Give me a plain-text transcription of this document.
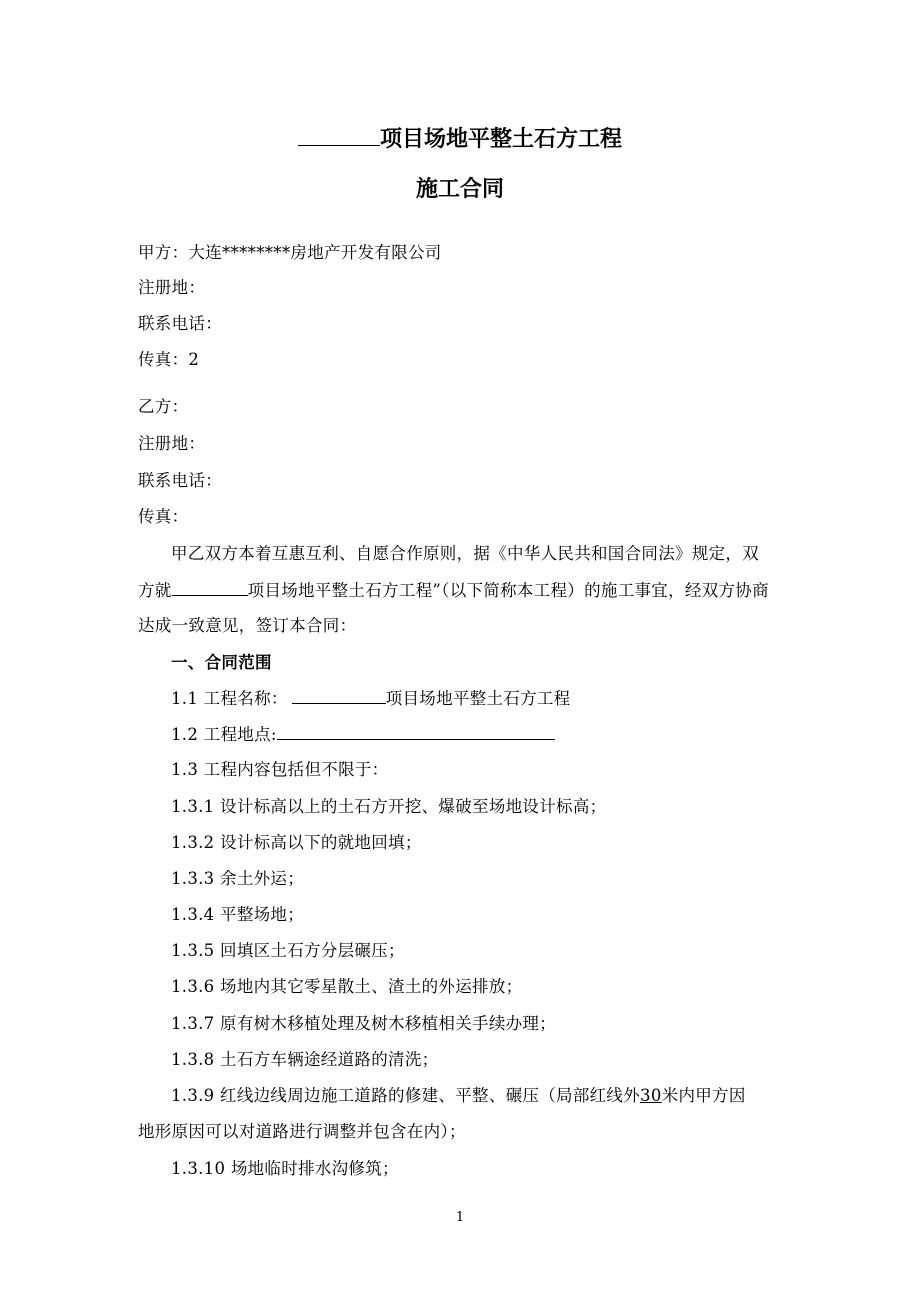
项目场地平整土石方工程
施工合同
甲方：大连********房地产开发有限公司
注册地：
联系电话：
传真：2
乙方：
注册地：
联系电话：
传真：
甲乙双方本着互惠互利、自愿合作原则，据《中华人民共和国合同法》规定，双
方就	项目场地平整土石方工程”（以下简称本工程）的施工事宜，经双方协商
达成一致意见，签订本合同：
一、合同范围
1.1 工程名称：	项目场地平整土石方工程
1.2 工程地点:
1.3 工程内容包括但不限于：
1.3.1 设计标高以上的土石方开挖、爆破至场地设计标高；
1.3.2 设计标高以下的就地回填；
1.3.3 余土外运；
1.3.4 平整场地；
1.3.5 回填区土石方分层碾压；
1.3.6 场地内其它零星散土、渣土的外运排放；
1.3.7 原有树木移植处理及树木移植相关手续办理；
1.3.8 土石方车辆途经道路的清洗；
1.3.9 红线边线周边施工道路的修建、平整、碾压（局部红线外30米内甲方因
地形原因可以对道路进行调整并包含在内）；
1.3.10 场地临时排水沟修筑；
1
